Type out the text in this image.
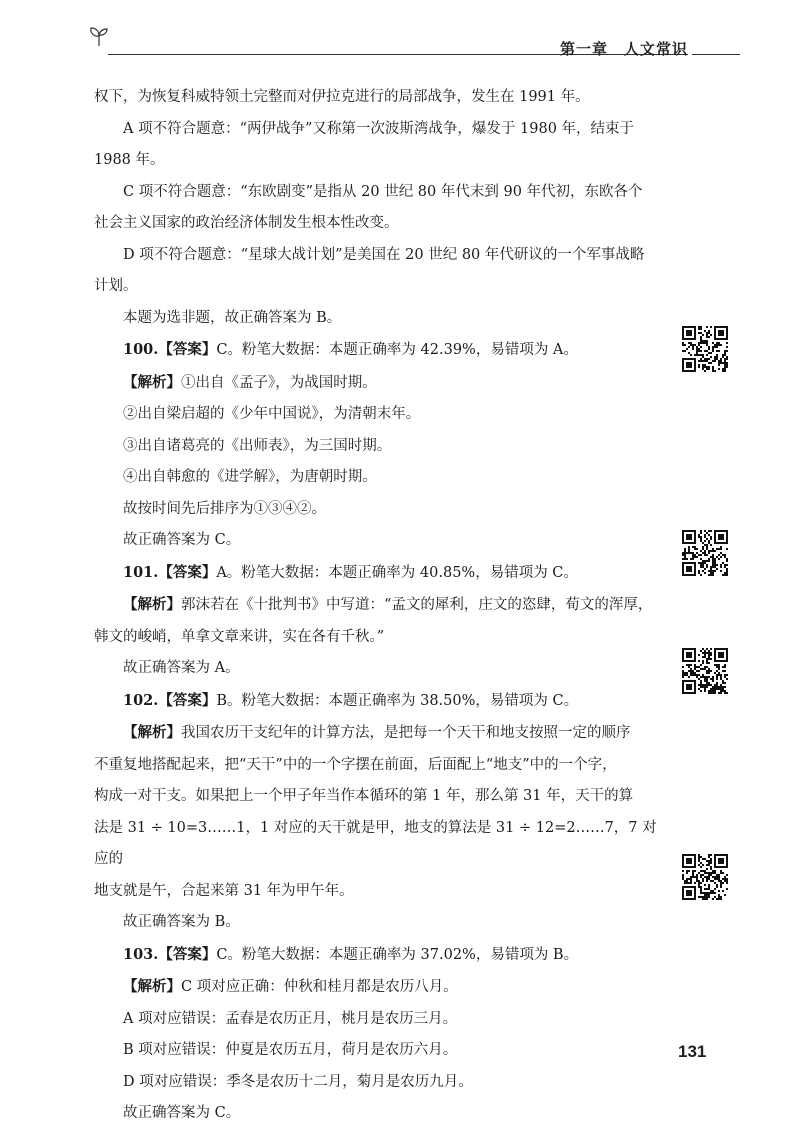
第一章 人文常识

权下，为恢复科威特领土完整而对伊拉克进行的局部战争，发生在 1991 年。

A 项不符合题意：“两伊战争”又称第一次波斯湾战争，爆发于 1980 年，结束于

1988 年。

C 项不符合题意：“东欧剧变”是指从 20 世纪 80 年代末到 90 年代初，东欧各个

社会主义国家的政治经济体制发生根本性改变。

D 项不符合题意：“星球大战计划”是美国在 20 世纪 80 年代研议的一个军事战略

计划。

本题为选非题，故正确答案为 B。

100.【答案】C。粉笔大数据：本题正确率为 42.39%，易错项为 A。

【解析】①出自《孟子》，为战国时期。

②出自梁启超的《少年中国说》，为清朝末年。

③出自诸葛亮的《出师表》，为三国时期。

④出自韩愈的《进学解》，为唐朝时期。

故按时间先后排序为①③④②。

故正确答案为 C。

101.【答案】A。粉笔大数据：本题正确率为 40.85%，易错项为 C。

【解析】郭沫若在《十批判书》中写道：“孟文的犀利，庄文的恣肆，荀文的浑厚，

韩文的峻峭，单拿文章来讲，实在各有千秋。”

故正确答案为 A。

102.【答案】B。粉笔大数据：本题正确率为 38.50%，易错项为 C。

【解析】我国农历干支纪年的计算方法，是把每一个天干和地支按照一定的顺序

不重复地搭配起来，把“天干”中的一个字摆在前面，后面配上“地支”中的一个字，

构成一对干支。如果把上一个甲子年当作本循环的第 1 年，那么第 31 年，天干的算

法是 31 ÷ 10=3……1，1 对应的天干就是甲，地支的算法是 31 ÷ 12=2……7，7 对应的

地支就是午，合起来第 31 年为甲午年。

故正确答案为 B。

103.【答案】C。粉笔大数据：本题正确率为 37.02%，易错项为 B。

【解析】C 项对应正确：仲秋和桂月都是农历八月。

A 项对应错误：孟春是农历正月，桃月是农历三月。

B 项对应错误：仲夏是农历五月，荷月是农历六月。

D 项对应错误：季冬是农历十二月，菊月是农历九月。

故正确答案为 C。

131
